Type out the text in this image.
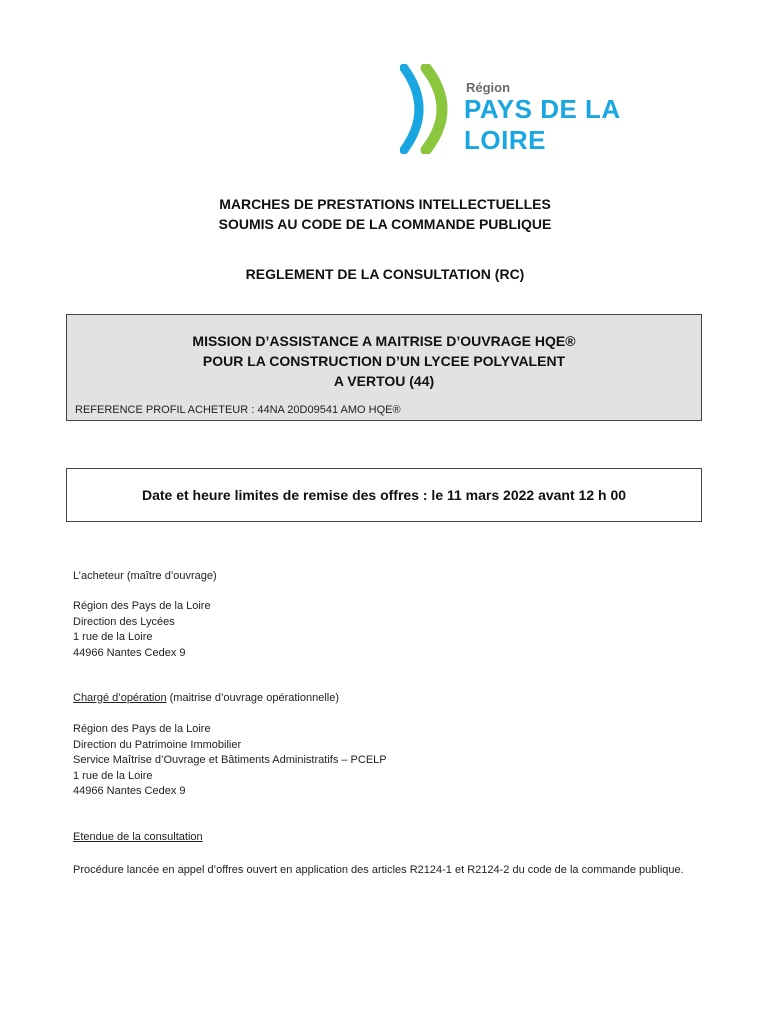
Région
PAYS DE LA LOIRE
MARCHES DE PRESTATIONS INTELLECTUELLES
SOUMIS AU CODE DE LA COMMANDE PUBLIQUE
REGLEMENT DE LA CONSULTATION (RC)
MISSION D’ASSISTANCE A MAITRISE D’OUVRAGE HQE®
POUR LA CONSTRUCTION D’UN LYCEE POLYVALENT
A VERTOU (44)
REFERENCE PROFIL ACHETEUR : 44NA 20D09541 AMO HQE®
Date et heure limites de remise des offres : le 11 mars 2022 avant 12 h 00
L’acheteur (maître d’ouvrage)
Région des Pays de la Loire
Direction des Lycées
1 rue de la Loire
44966 Nantes Cedex 9
Chargé d’opération (maitrise d’ouvrage opérationnelle)
Région des Pays de la Loire
Direction du Patrimoine Immobilier
Service Maîtrise d’Ouvrage et Bâtiments Administratifs – PCELP
1 rue de la Loire
44966 Nantes Cedex 9
Etendue de la consultation
Procédure lancée en appel d’offres ouvert en application des articles R2124-1 et R2124-2 du code de la commande publique.
